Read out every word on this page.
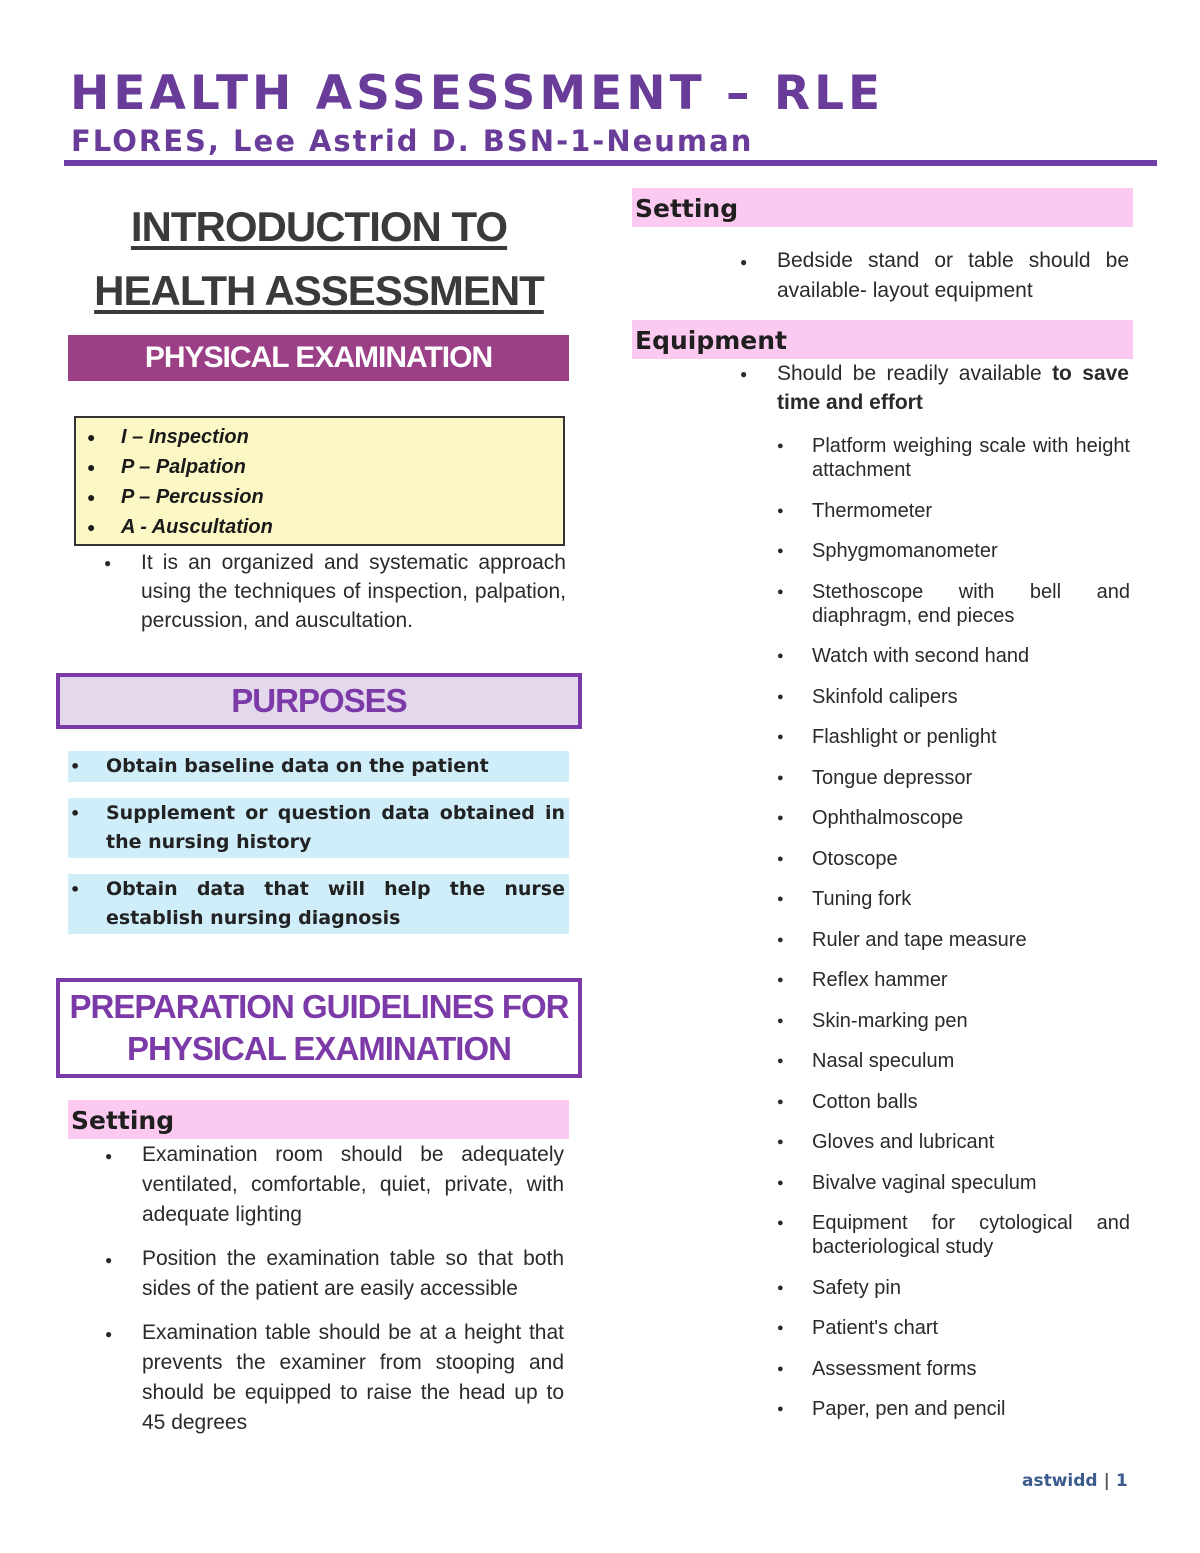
HEALTH ASSESSMENT – RLE
FLORES, Lee Astrid D. BSN-1-Neuman
INTRODUCTION TO
HEALTH ASSESSMENT
PHYSICAL EXAMINATION
● I – Inspection
● P – Palpation
● P – Percussion
● A - Auscultation
● It is an organized and systematic approach using the techniques of inspection, palpation, percussion, and auscultation.
PURPOSES
• Obtain baseline data on the patient
• Supplement or question data obtained in the nursing history
• Obtain data that will help the nurse establish nursing diagnosis
PREPARATION GUIDELINES FOR
PHYSICAL EXAMINATION
Setting
● Examination room should be adequately ventilated, comfortable, quiet, private, with adequate lighting
● Position the examination table so that both sides of the patient are easily accessible
● Examination table should be at a height that prevents the examiner from stooping and should be equipped to raise the head up to 45 degrees
Setting
● Bedside stand or table should be available- layout equipment
Equipment
● Should be readily available to save time and effort
● Platform weighing scale with height attachment
● Thermometer
● Sphygmomanometer
● Stethoscope with bell and diaphragm, end pieces
● Watch with second hand
● Skinfold calipers
● Flashlight or penlight
● Tongue depressor
● Ophthalmoscope
● Otoscope
● Tuning fork
● Ruler and tape measure
● Reflex hammer
● Skin-marking pen
● Nasal speculum
● Cotton balls
● Gloves and lubricant
● Bivalve vaginal speculum
● Equipment for cytological and bacteriological study
● Safety pin
● Patient's chart
● Assessment forms
● Paper, pen and pencil
astwidd | 1
